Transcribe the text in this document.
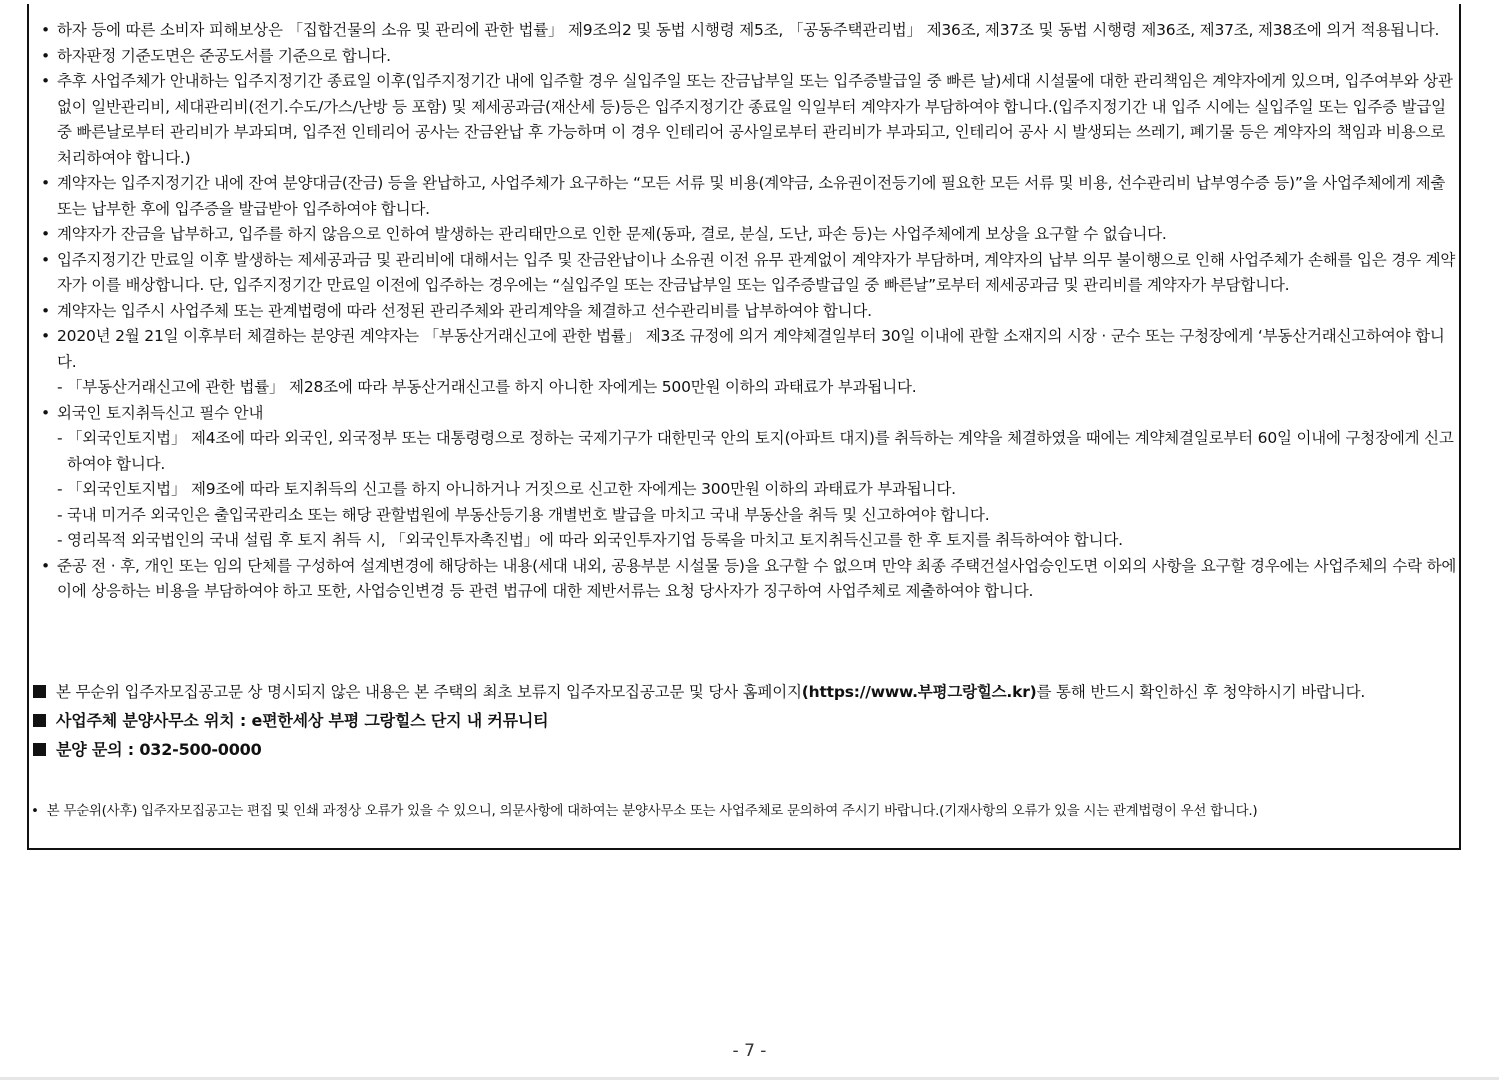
• 하자 등에 따른 소비자 피해보상은 「집합건물의 소유 및 관리에 관한 법률」 제9조의2 및 동법 시행령 제5조, 「공동주택관리법」 제36조, 제37조 및 동법 시행령 제36조, 제37조, 제38조에 의거 적용됩니다.
• 하자판정 기준도면은 준공도서를 기준으로 합니다.
• 추후 사업주체가 안내하는 입주지정기간 종료일 이후(입주지정기간 내에 입주할 경우 실입주일 또는 잔금납부일 또는 입주증발급일 중 빠른 날)세대 시설물에 대한 관리책임은 계약자에게 있으며, 입주여부와 상관없이 일반관리비, 세대관리비(전기.수도/가스/난방 등 포함) 및 제세공과금(재산세 등)등은 입주지정기간 종료일 익일부터 계약자가 부담하여야 합니다.(입주지정기간 내 입주 시에는 실입주일 또는 입주증 발급일 중 빠른날로부터 관리비가 부과되며, 입주전 인테리어 공사는 잔금완납 후 가능하며 이 경우 인테리어 공사일로부터 관리비가 부과되고, 인테리어 공사 시 발생되는 쓰레기, 폐기물 등은 계약자의 책임과 비용으로 처리하여야 합니다.)
• 계약자는 입주지정기간 내에 잔여 분양대금(잔금) 등을 완납하고, 사업주체가 요구하는 “모든 서류 및 비용(계약금, 소유권이전등기에 필요한 모든 서류 및 비용, 선수관리비 납부영수증 등)”을 사업주체에게 제출 또는 납부한 후에 입주증을 발급받아 입주하여야 합니다.
• 계약자가 잔금을 납부하고, 입주를 하지 않음으로 인하여 발생하는 관리태만으로 인한 문제(동파, 결로, 분실, 도난, 파손 등)는 사업주체에게 보상을 요구할 수 없습니다.
• 입주지정기간 만료일 이후 발생하는 제세공과금 및 관리비에 대해서는 입주 및 잔금완납이나 소유권 이전 유무 관계없이 계약자가 부담하며, 계약자의 납부 의무 불이행으로 인해 사업주체가 손해를 입은 경우 계약자가 이를 배상합니다. 단, 입주지정기간 만료일 이전에 입주하는 경우에는 “실입주일 또는 잔금납부일 또는 입주증발급일 중 빠른날”로부터 제세공과금 및 관리비를 계약자가 부담합니다.
• 계약자는 입주시 사업주체 또는 관계법령에 따라 선정된 관리주체와 관리계약을 체결하고 선수관리비를 납부하여야 합니다.
• 2020년 2월 21일 이후부터 체결하는 분양권 계약자는 「부동산거래신고에 관한 법률」 제3조 규정에 의거 계약체결일부터 30일 이내에 관할 소재지의 시장 · 군수 또는 구청장에게 ‘부동산거래신고하여야 합니다.
- 「부동산거래신고에 관한 법률」 제28조에 따라 부동산거래신고를 하지 아니한 자에게는 500만원 이하의 과태료가 부과됩니다.
• 외국인 토지취득신고 필수 안내
- 「외국인토지법」 제4조에 따라 외국인, 외국정부 또는 대통령령으로 정하는 국제기구가 대한민국 안의 토지(아파트 대지)를 취득하는 계약을 체결하였을 때에는 계약체결일로부터 60일 이내에 구청장에게 신고하여야 합니다.
- 「외국인토지법」 제9조에 따라 토지취득의 신고를 하지 아니하거나 거짓으로 신고한 자에게는 300만원 이하의 과태료가 부과됩니다.
- 국내 미거주 외국인은 출입국관리소 또는 해당 관할법원에 부동산등기용 개별번호 발급을 마치고 국내 부동산을 취득 및 신고하여야 합니다.
- 영리목적 외국법인의 국내 설립 후 토지 취득 시, 「외국인투자촉진법」에 따라 외국인투자기업 등록을 마치고 토지취득신고를 한 후 토지를 취득하여야 합니다.
• 준공 전 · 후, 개인 또는 임의 단체를 구성하여 설계변경에 해당하는 내용(세대 내외, 공용부분 시설물 등)을 요구할 수 없으며 만약 최종 주택건설사업승인도면 이외의 사항을 요구할 경우에는 사업주체의 수락 하에 이에 상응하는 비용을 부담하여야 하고 또한, 사업승인변경 등 관련 법규에 대한 제반서류는 요청 당사자가 징구하여 사업주체로 제출하여야 합니다.
본 무순위 입주자모집공고문 상 명시되지 않은 내용은 본 주택의 최초 보류지 입주자모집공고문 및 당사 홈페이지(https://www.부평그랑힐스.kr)를 통해 반드시 확인하신 후 청약하시기 바랍니다.
사업주체 분양사무소 위치 : e편한세상 부평 그랑힐스 단지 내 커뮤니티
분양 문의 : 032-500-0000
• 본 무순위(사후) 입주자모집공고는 편집 및 인쇄 과정상 오류가 있을 수 있으니, 의문사항에 대하여는 분양사무소 또는 사업주체로 문의하여 주시기 바랍니다.(기재사항의 오류가 있을 시는 관계법령이 우선 합니다.)
- 7 -
